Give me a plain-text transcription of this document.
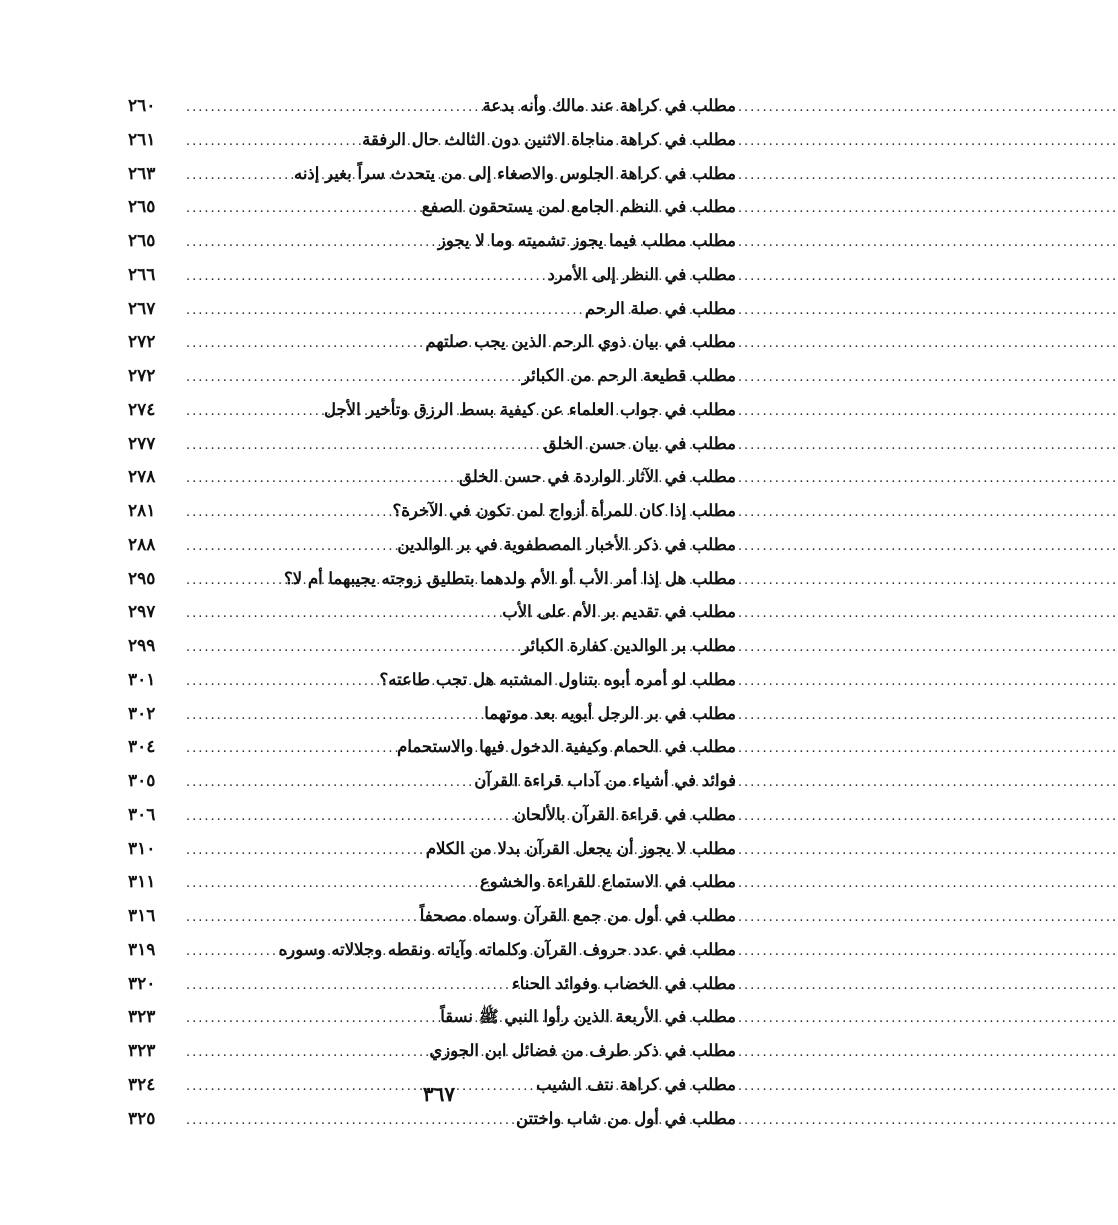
مطلب في كراهة عند مالك وأنه بدعة
.....
٢٦٠
مطلب في كراهة مناجاة الاثنين دون الثالث حال الرفقة
.....
٢٦١
مطلب في كراهة الجلوس والاصغاء إلى من يتحدث سراً بغير إذنه
.....
٢٦٣
مطلب في النظم الجامع لمن يستحقون الصفع
.....
٢٦٥
مطلب مطلب فيما يجوز تشميته وما لا يجوز
.....
٢٦٥
مطلب في النظر إلى الأمرد
.....
٢٦٦
مطلب في صلة الرحم
.....
٢٦٧
مطلب في بيان ذوي الرحم الذين يجب صلتهم
.....
٢٧٢
مطلب قطيعة الرحم من الكبائر
.....
٢٧٢
مطلب في جواب العلماء عن كيفية بسط الرزق وتأخير الأجل
.....
٢٧٤
مطلب في بيان حسن الخلق
.....
٢٧٧
مطلب في الآثار الواردة في حسن الخلق
.....
٢٧٨
مطلب إذا كان للمرأة أزواج لمن تكون في الآخرة؟
.....
٢٨١
مطلب في ذكر الأخبار المصطفوية في بر الوالدين
.....
٢٨٨
مطلب هل إذا أمر الأب أو الأم ولدهما بتطليق زوجته يجيبهما أم لا؟
.....
٢٩٥
مطلب في تقديم بر الأم على الأب
.....
٢٩٧
مطلب بر الوالدين كفارة الكبائر
.....
٢٩٩
مطلب لو أمره أبوه بتناول المشتبه هل تجب طاعته؟
.....
٣٠١
مطلب في بر الرجل أبويه بعد موتهما
.....
٣٠٢
مطلب في الحمام وكيفية الدخول فيها والاستحمام
.....
٣٠٤
فوائد في أشياء من آداب قراءة القرآن
.....
٣٠٥
مطلب في قراءة القرآن بالألحان
.....
٣٠٦
مطلب لا يجوز أن يجعل القرآن بدلا من الكلام
.....
٣١٠
مطلب في الاستماع للقراءة والخشوع
.....
٣١١
مطلب في أول من جمع القرآن وسماه مصحفاً
.....
٣١٦
مطلب في عدد حروف القرآن وكلماته وآياته ونقطه وجلالاته وسوره
.....
٣١٩
مطلب في الخضاب وفوائد الحناء
.....
٣٢٠
مطلب في الأربعة الذين رأوا النبي ﷺ نسقاً
.....
٣٢٣
مطلب في ذكر طرف من فضائل ابن الجوزي
.....
٣٢٣
مطلب في كراهة نتف الشيب
.....
٣٢٤
مطلب في أول من شاب واختتن
.....
٣٢٥
٣٦٧
